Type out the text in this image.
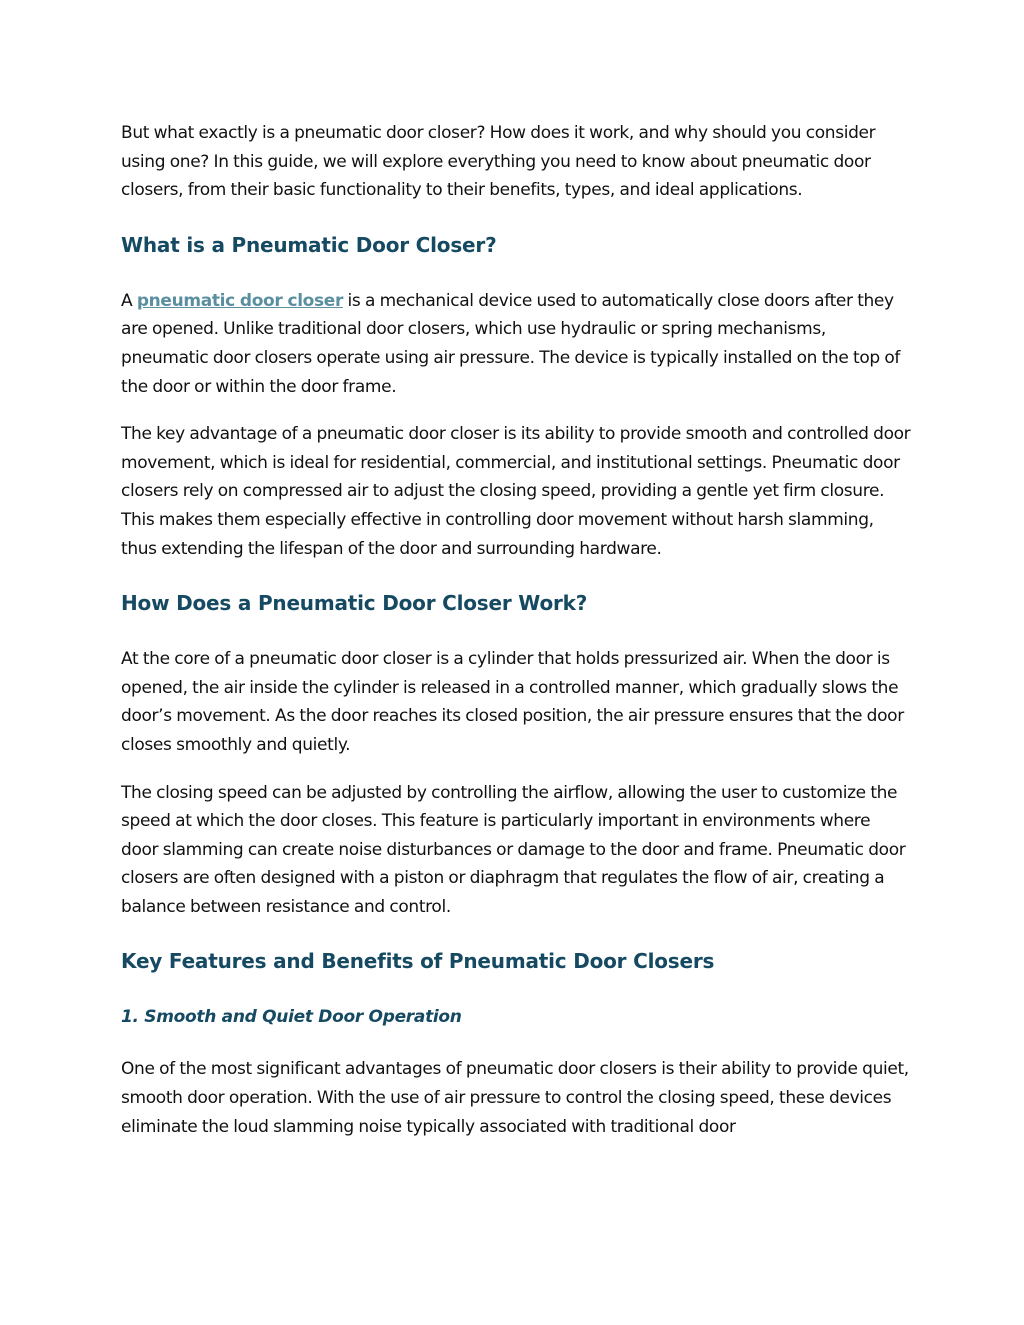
But what exactly is a pneumatic door closer? How does it work, and why should you consider using one? In this guide, we will explore everything you need to know about pneumatic door closers, from their basic functionality to their benefits, types, and ideal applications.

What is a Pneumatic Door Closer?

A pneumatic door closer is a mechanical device used to automatically close doors after they are opened. Unlike traditional door closers, which use hydraulic or spring mechanisms, pneumatic door closers operate using air pressure. The device is typically installed on the top of the door or within the door frame.

The key advantage of a pneumatic door closer is its ability to provide smooth and controlled door movement, which is ideal for residential, commercial, and institutional settings. Pneumatic door closers rely on compressed air to adjust the closing speed, providing a gentle yet firm closure. This makes them especially effective in controlling door movement without harsh slamming, thus extending the lifespan of the door and surrounding hardware.

How Does a Pneumatic Door Closer Work?

At the core of a pneumatic door closer is a cylinder that holds pressurized air. When the door is opened, the air inside the cylinder is released in a controlled manner, which gradually slows the door’s movement. As the door reaches its closed position, the air pressure ensures that the door closes smoothly and quietly.

The closing speed can be adjusted by controlling the airflow, allowing the user to customize the speed at which the door closes. This feature is particularly important in environments where door slamming can create noise disturbances or damage to the door and frame. Pneumatic door closers are often designed with a piston or diaphragm that regulates the flow of air, creating a balance between resistance and control.

Key Features and Benefits of Pneumatic Door Closers
1. Smooth and Quiet Door Operation

One of the most significant advantages of pneumatic door closers is their ability to provide quiet, smooth door operation. With the use of air pressure to control the closing speed, these devices eliminate the loud slamming noise typically associated with traditional door
